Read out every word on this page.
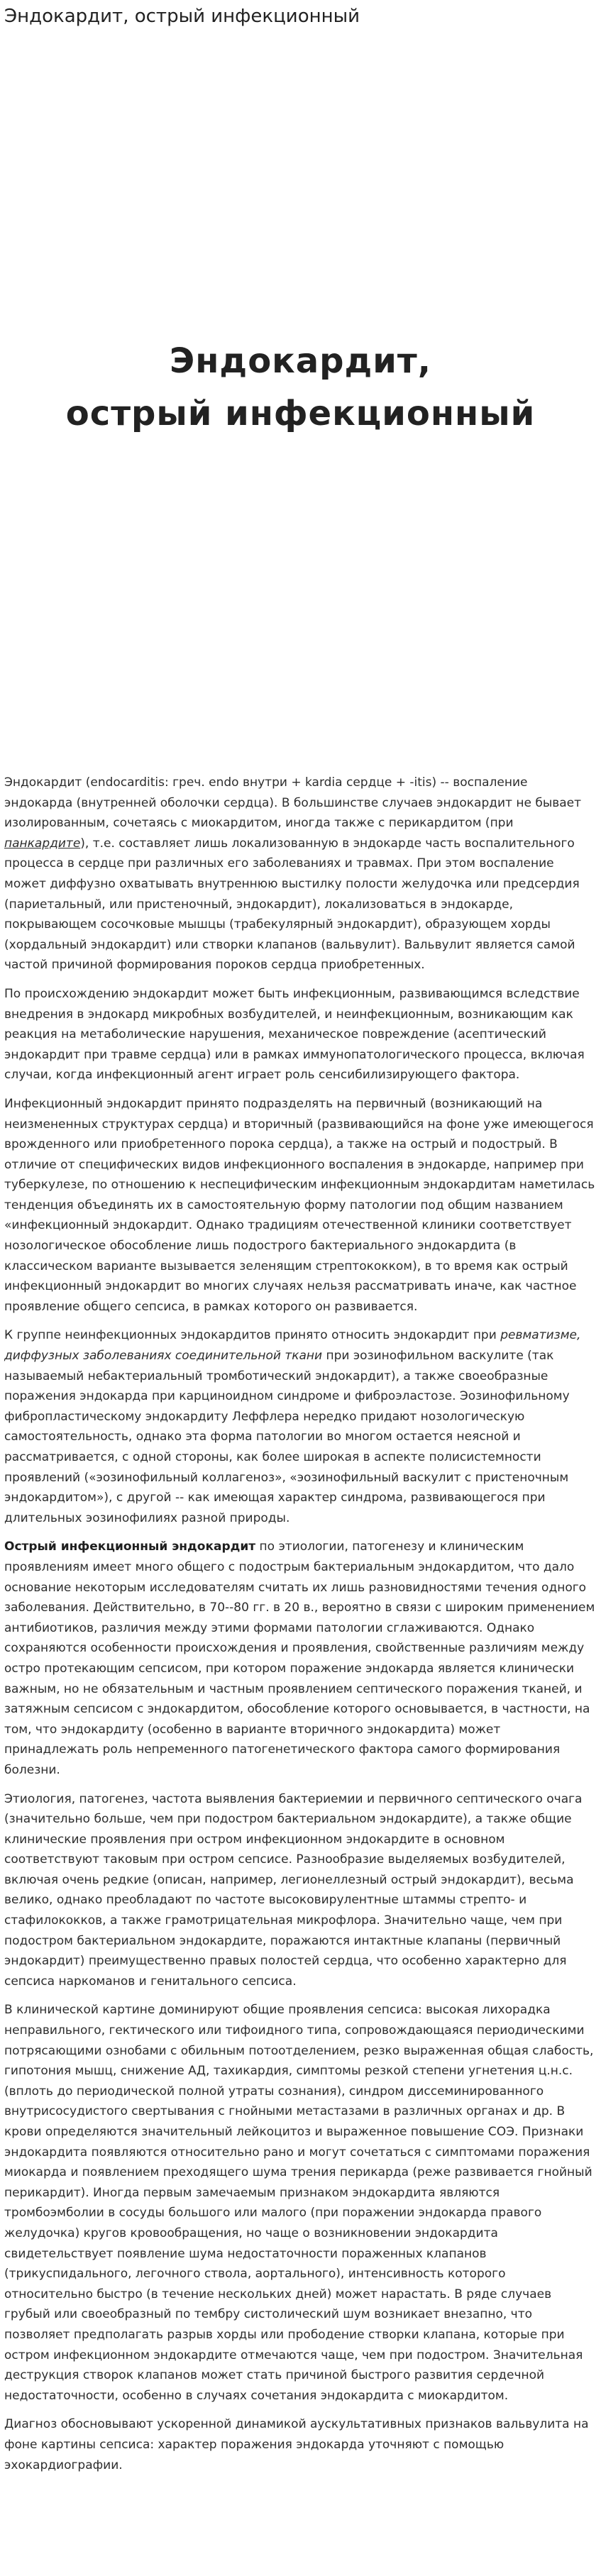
Эндокардит, острый инфекционный
Эндокардит,
острый инфекционный

Эндокардит (endocarditis: греч. endo внутри + kardia сердце + -itis) -- воспаление эндокарда (внутренней оболочки сердца). В большинстве случаев эндокардит не бывает изолированным, сочетаясь с миокардитом, иногда также с перикардитом (при панкардите), т.е. составляет лишь локализованную в эндокарде часть воспалительного процесса в сердце при различных его заболеваниях и травмах. При этом воспаление может диффузно охватывать внутреннюю выстилку полости желудочка или предсердия (париетальный, или пристеночный, эндокардит), локализоваться в эндокарде, покрывающем сосочковые мышцы (трабекулярный эндокардит), образующем хорды (хордальный эндокардит) или створки клапанов (вальвулит). Вальвулит является самой частой причиной формирования пороков сердца приобретенных.

По происхождению эндокардит может быть инфекционным, развивающимся вследствие внедрения в эндокард микробных возбудителей, и неинфекционным, возникающим как реакция на метаболические нарушения, механическое повреждение (асептический эндокардит при травме сердца) или в рамках иммунопатологического процесса, включая случаи, когда инфекционный агент играет роль сенсибилизирующего фактора.

Инфекционный эндокардит принято подразделять на первичный (возникающий на неизмененных структурах сердца) и вторичный (развивающийся на фоне уже имеющегося врожденного или приобретенного порока сердца), а также на острый и подострый. В отличие от специфических видов инфекционного воспаления в эндокарде, например при туберкулезе, по отношению к неспецифическим инфекционным эндокардитам наметилась тенденция объединять их в самостоятельную форму патологии под общим названием «инфекционный эндокардит. Однако традициям отечественной клиники соответствует нозологическое обособление лишь подострого бактериального эндокардита (в классическом варианте вызывается зеленящим стрептококком), в то время как острый инфекционный эндокардит во многих случаях нельзя рассматривать иначе, как частное проявление общего сепсиса, в рамках которого он развивается.

К группе неинфекционных эндокардитов принято относить эндокардит при ревматизме, диффузных заболеваниях соединительной ткани при эозинофильном васкулите (так называемый небактериальный тромботический эндокардит), а также своеобразные поражения эндокарда при карциноидном синдроме и фиброэластозе. Эозинофильному фибропластическому эндокардиту Леффлера нередко придают нозологическую самостоятельность, однако эта форма патологии во многом остается неясной и рассматривается, с одной стороны, как более широкая в аспекте полисистемности проявлений («эозинофильный коллагеноз», «эозинофильный васкулит с пристеночным эндокардитом»), с другой -- как имеющая характер синдрома, развивающегося при длительных эозинофилиях разной природы.

Острый инфекционный эндокардит по этиологии, патогенезу и клиническим проявлениям имеет много общего с подострым бактериальным эндокардитом, что дало основание некоторым исследователям считать их лишь разновидностями течения одного заболевания. Действительно, в 70--80 гг. в 20 в., вероятно в связи с широким применением антибиотиков, различия между этими формами патологии сглаживаются. Однако сохраняются особенности происхождения и проявления, свойственные различиям между остро протекающим сепсисом, при котором поражение эндокарда является клинически важным, но не обязательным и частным проявлением септического поражения тканей, и затяжным сепсисом с эндокардитом, обособление которого основывается, в частности, на том, что эндокардиту (особенно в варианте вторичного эндокардита) может принадлежать роль непременного патогенетического фактора самого формирования болезни.

Этиология, патогенез, частота выявления бактериемии и первичного септического очага (значительно больше, чем при подостром бактериальном эндокардите), а также общие клинические проявления при остром инфекционном эндокардите в основном соответствуют таковым при остром сепсисе. Разнообразие выделяемых возбудителей, включая очень редкие (описан, например, легионеллезный острый эндокардит), весьма велико, однако преобладают по частоте высоковирулентные штаммы стрепто- и стафилококков, а также грамотрицательная микрофлора. Значительно чаще, чем при подостром бактериальном эндокардите, поражаются интактные клапаны (первичный эндокардит) преимущественно правых полостей сердца, что особенно характерно для сепсиса наркоманов и генитального сепсиса.

В клинической картине доминируют общие проявления сепсиса: высокая лихорадка неправильного, гектического или тифоидного типа, сопровождающаяся периодическими потрясающими ознобами с обильным потоотделением, резко выраженная общая слабость, гипотония мышц, снижение АД, тахикардия, симптомы резкой степени угнетения ц.н.с. (вплоть до периодической полной утраты сознания), синдром диссеминированного внутрисосудистого свертывания с гнойными метастазами в различных органах и др. В крови определяются значительный лейкоцитоз и выраженное повышение СОЭ. Признаки эндокардита появляются относительно рано и могут сочетаться с симптомами поражения миокарда и появлением преходящего шума трения перикарда (реже развивается гнойный перикардит). Иногда первым замечаемым признаком эндокардита являются тромбоэмболии в сосуды большого или малого (при поражении эндокарда правого желудочка) кругов кровообращения, но чаще о возникновении эндокардита свидетельствует появление шума недостаточности пораженных клапанов (трикуспидального, легочного ствола, аортального), интенсивность которого относительно быстро (в течение нескольких дней) может нарастать. В ряде случаев грубый или своеобразный по тембру систолический шум возникает внезапно, что позволяет предполагать разрыв хорды или прободение створки клапана, которые при остром инфекционном эндокардите отмечаются чаще, чем при подостром. Значительная деструкция створок клапанов может стать причиной быстрого развития сердечной недостаточности, особенно в случаях сочетания эндокардита с миокардитом.

Диагноз обосновывают ускоренной динамикой аускультативных признаков вальвулита на фоне картины сепсиса: характер поражения эндокарда уточняют с помощью эхокардиографии.
